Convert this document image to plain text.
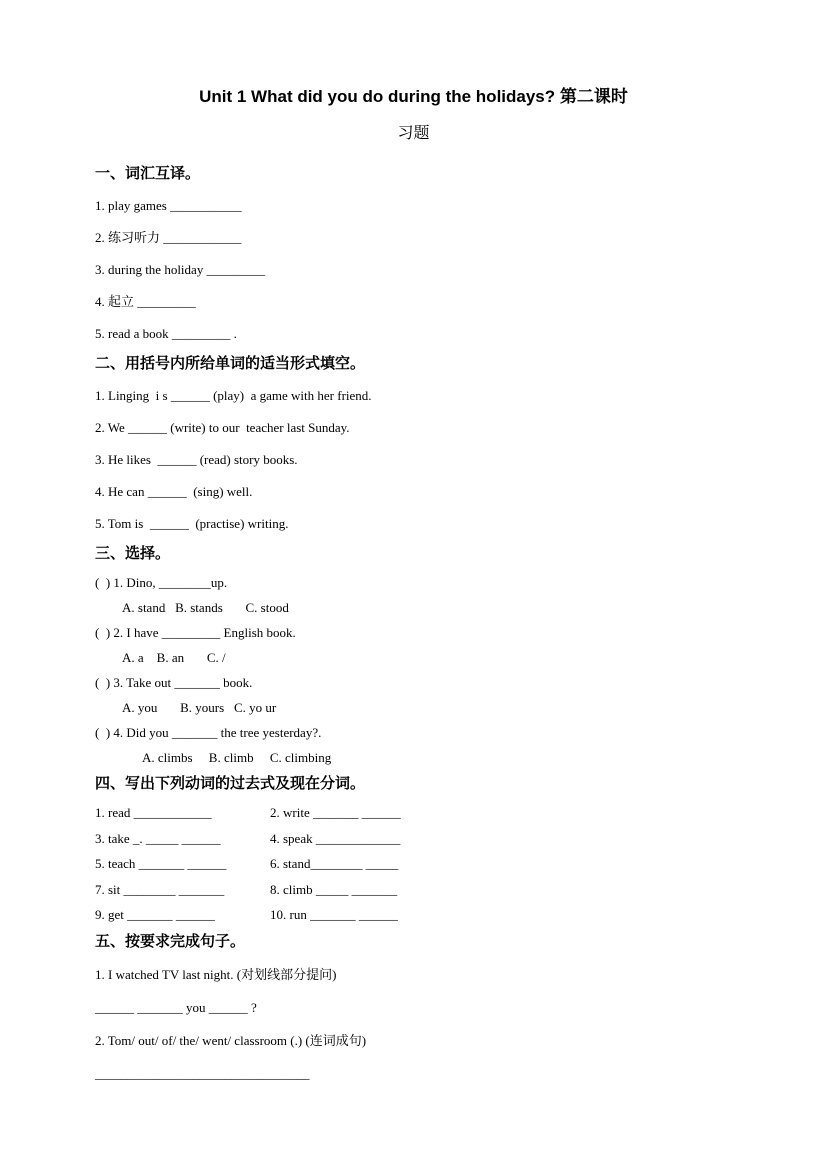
Unit 1 What did you do during the holidays? 第二课时
习题
一、词汇互译。
1. play games ___________
2. 练习听力 ____________
3. during the holiday _________
4. 起立 _________
5. read a book _________ .
二、用括号内所给单词的适当形式填空。
1. Linging  i s ______ (play)  a game with her friend.
2. We ______ (write) to our  teacher last Sunday.
3. He likes  ______ (read) story books.
4. He can ______  (sing) well.
5. Tom is  ______  (practise) writing.
三、选择。
(  ) 1. Dino, ________up.
A. stand   B. stands       C. stood
(  ) 2. I have _________ English book.
A. a    B. an       C. /
(  ) 3. Take out _______ book.
A. you       B. yours   C. yo ur
(  ) 4. Did you _______ the tree yesterday?.
A. climbs     B. climb     C. climbing
四、写出下列动词的过去式及现在分词。
1. read ____________	2. write _______ ______
3. take _. _____ ______	4. speak _____________
5. teach _______ ______	6. stand________ _____
7. sit ________ _______	8. climb _____ _______
9. get _______ ______	10. run _______ ______
五、按要求完成句子。
1. I watched TV last night. (对划线部分提问)
______ _______ you ______ ?
2. Tom/ out/ of/ the/ went/ classroom (.) (连词成句)
_________________________________
